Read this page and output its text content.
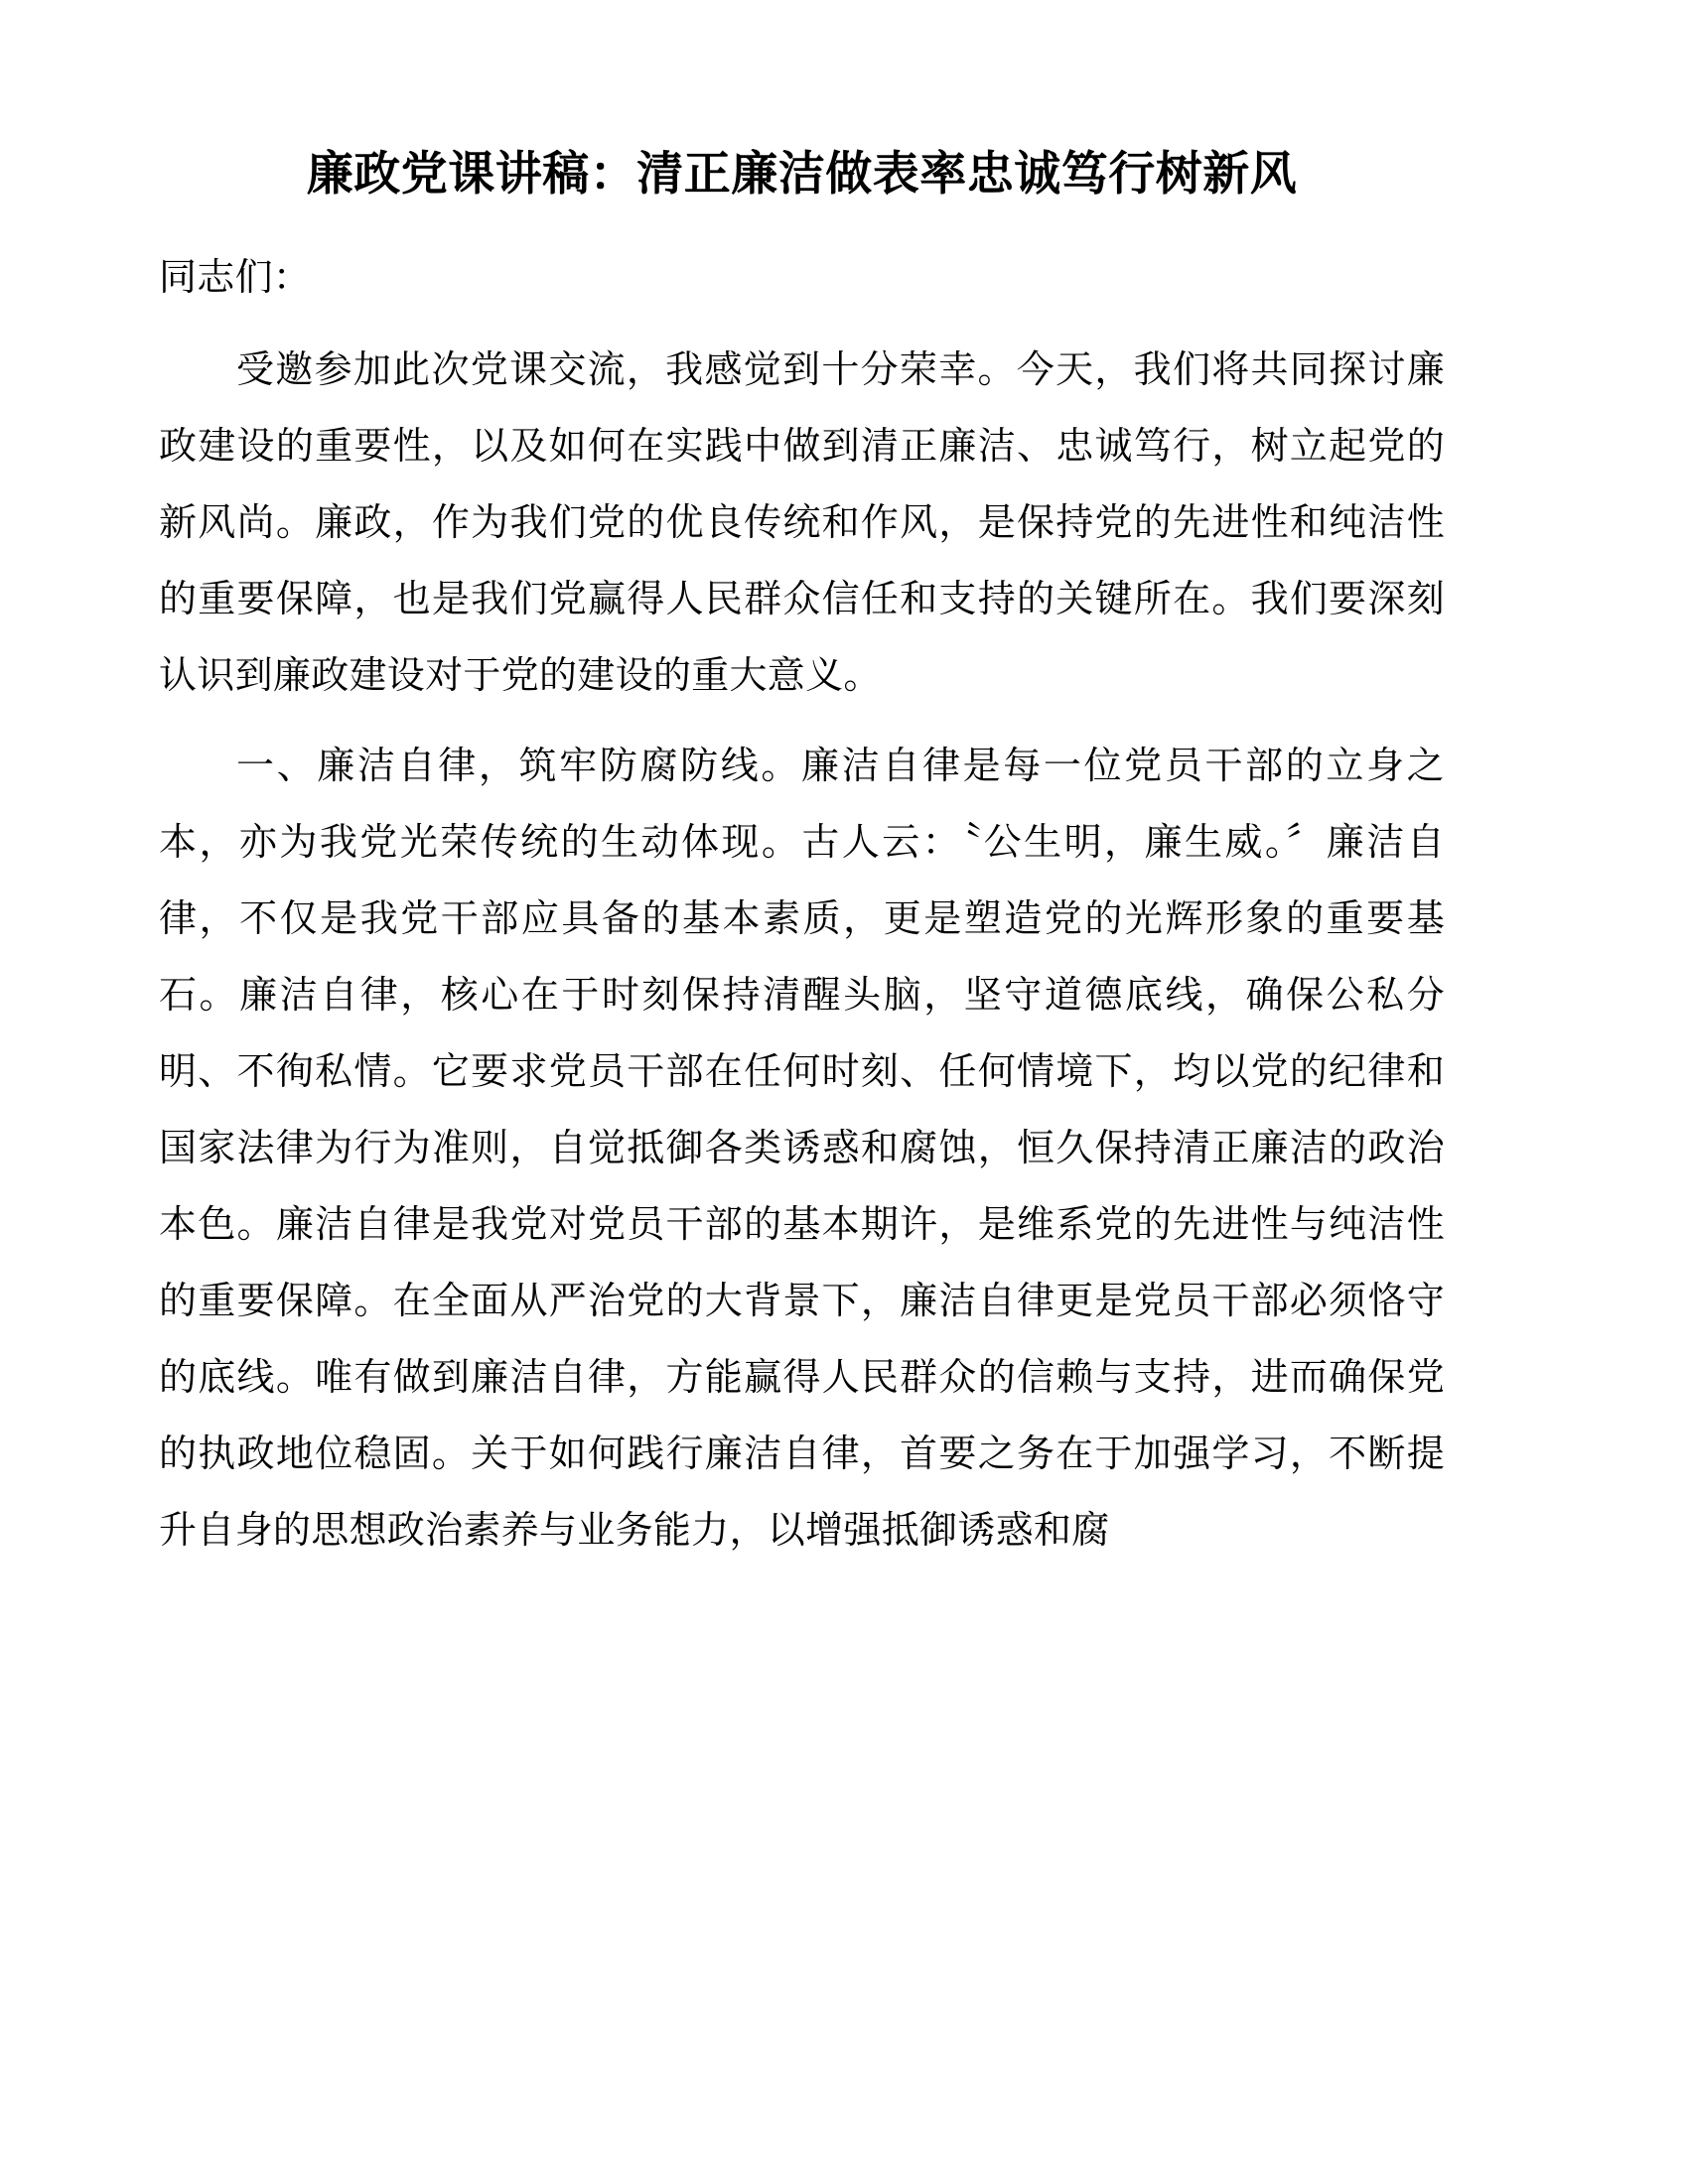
廉政党课讲稿：清正廉洁做表率忠诚笃行树新风

同志们：

受邀参加此次党课交流，我感觉到十分荣幸。今天，我们将共同探讨廉政建设的重要性，以及如何在实践中做到清正廉洁、忠诚笃行，树立起党的新风尚。廉政，作为我们党的优良传统和作风，是保持党的先进性和纯洁性的重要保障，也是我们党赢得人民群众信任和支持的关键所在。我们要深刻认识到廉政建设对于党的建设的重大意义。

一、廉洁自律，筑牢防腐防线。廉洁自律是每一位党员干部的立身之本，亦为我党光荣传统的生动体现。古人云：〝公生明，廉生威。〞廉洁自律，不仅是我党干部应具备的基本素质，更是塑造党的光辉形象的重要基石。廉洁自律，核心在于时刻保持清醒头脑，坚守道德底线，确保公私分明、不徇私情。它要求党员干部在任何时刻、任何情境下，均以党的纪律和国家法律为行为准则，自觉抵御各类诱惑和腐蚀，恒久保持清正廉洁的政治本色。廉洁自律是我党对党员干部的基本期许，是维系党的先进性与纯洁性的重要保障。在全面从严治党的大背景下，廉洁自律更是党员干部必须恪守的底线。唯有做到廉洁自律，方能赢得人民群众的信赖与支持，进而确保党的执政地位稳固。关于如何践行廉洁自律，首要之务在于加强学习，不断提升自身的思想政治素养与业务能力，以增强抵御诱惑和腐
